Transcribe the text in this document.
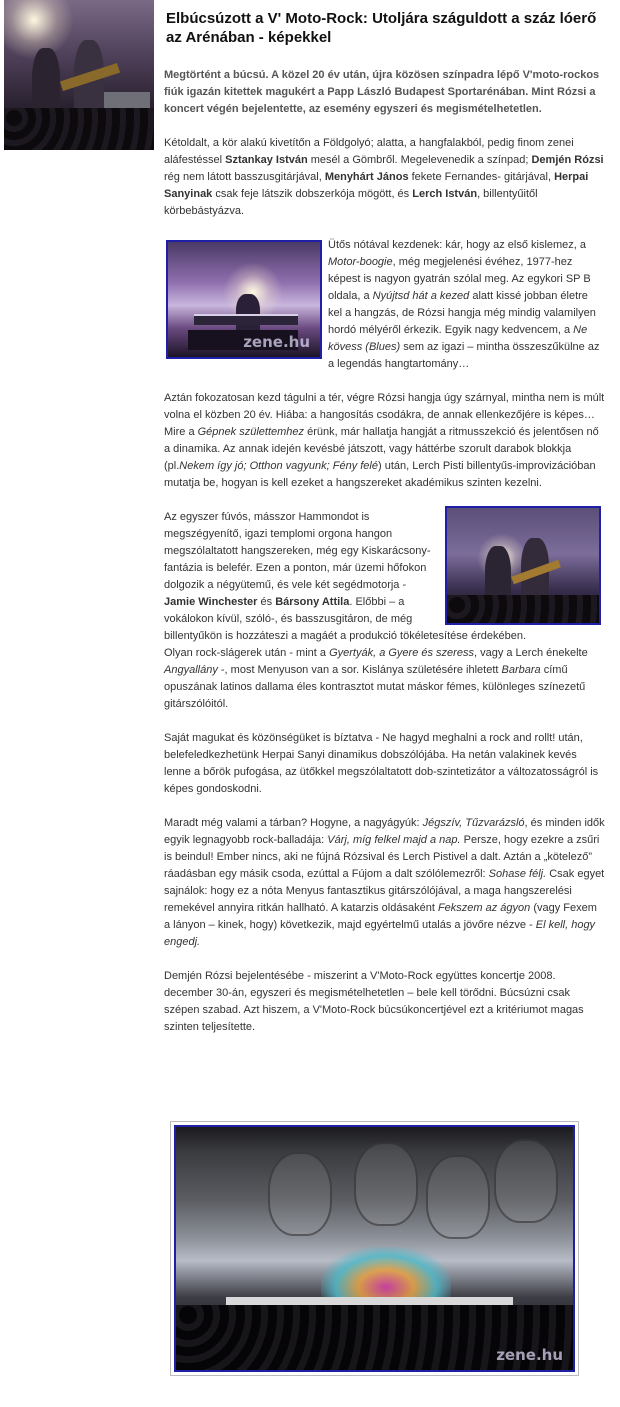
Elbúcsúzott a V' Moto-Rock: Utoljára száguldott a száz lóerő az Arénában - képekkel

Megtörtént a búcsú. A közel 20 év után, újra közösen színpadra lépő V'moto-rockos fiúk igazán kitettek magukért a Papp László Budapest Sportarénában. Mint Rózsi a koncert végén bejelentette, az esemény egyszeri és megismételhetetlen.

Kétoldalt, a kör alakú kivetítőn a Földgolyó; alatta, a hangfalakból, pedig finom zenei aláfestéssel Sztankay István mesél a Gömbről. Megelevenedik a színpad; Demjén Rózsi rég nem látott basszusgitárjával, Menyhárt János fekete Fernandes- gitárjával, Herpai Sanyinak csak feje látszik dobszerkója mögött, és Lerch István, billentyűitől körbebástyázva.

zene.hu

Ütős nótával kezdenek: kár, hogy az első kislemez, a Motor-boogie, még megjelenési évéhez, 1977-hez képest is nagyon gyatrán szólal meg. Az egykori SP B oldala, a Nyújtsd hát a kezed alatt kissé jobban életre kel a hangzás, de Rózsi hangja még mindig valamilyen hordó mélyéről érkezik. Egyik nagy kedvencem, a Ne kövess (Blues) sem az igazi – mintha összeszűkülne az a legendás hangtartomány…

Aztán fokozatosan kezd tágulni a tér, végre Rózsi hangja úgy szárnyal, mintha nem is múlt volna el közben 20 év. Hiába: a hangosítás csodákra, de annak ellenkezőjére is képes… Mire a Gépnek születtemhez érünk, már hallatja hangját a ritmusszekció és jelentősen nő a dinamika. Az annak idején kevésbé játszott, vagy háttérbe szorult darabok blokkja (pl.Nekem így jó; Otthon vagyunk; Fény felé) után, Lerch Pisti billentyűs-improvizációban mutatja be, hogyan is kell ezeket a hangszereket akadémikus szinten kezelni.

Az egyszer fúvós, másszor Hammondot is megszégyenítő, igazi templomi orgona hangon megszólaltatott hangszereken, még egy Kiskarácsony-fantázia is belefér. Ezen a ponton, már üzemi hőfokon dolgozik a négyütemű, és vele két segédmotorja - Jamie Winchester és Bársony Attila. Előbbi – a vokálokon kívül, szóló-, és basszusgitáron, de még billentyűkön is hozzáteszi a magáét a produkció tökéletesítése érdekében.

Olyan rock-slágerek után - mint a Gyertyák, a Gyere és szeress, vagy a Lerch énekelte Angyallány -, most Menyuson van a sor. Kislánya születésére ihletett Barbara című opuszának latinos dallama éles kontrasztot mutat máskor fémes, különleges színezetű gitárszólóitól.

Saját magukat és közönségüket is bíztatva - Ne hagyd meghalni a rock and rollt! után, belefeledkezhetünk Herpai Sanyi dinamikus dobszólójába. Ha netán valakinek kevés lenne a bőrök pufogása, az ütőkkel megszólaltatott dob-szintetizátor a változatosságról is képes gondoskodni.

Maradt még valami a tárban? Hogyne, a nagyágyúk: Jégszív, Tűzvarázsló, és minden idők egyik legnagyobb rock-balladája: Várj, míg felkel majd a nap. Persze, hogy ezekre a zsűri is beindul! Ember nincs, aki ne fújná Rózsival és Lerch Pistivel a dalt. Aztán a „kötelező” ráadásban egy másik csoda, ezúttal a Fújom a dalt szólólemezről: Sohase félj. Csak egyet sajnálok: hogy ez a nóta Menyus fantasztikus gitárszólójával, a maga hangszerelési remekével annyira ritkán hallható. A katarzis oldásaként Fekszem az ágyon (vagy Fexem a lányon – kinek, hogy) következik, majd egyértelmű utalás a jövőre nézve - El kell, hogy engedj.

Demjén Rózsi bejelentésébe - miszerint a V'Moto-Rock együttes koncertje 2008. december 30-án, egyszeri és megismételhetetlen – bele kell törődni. Búcsúzni csak szépen szabad. Azt hiszem, a V'Moto-Rock búcsúkoncertjével ezt a kritériumot magas szinten teljesítette.

zene.hu
